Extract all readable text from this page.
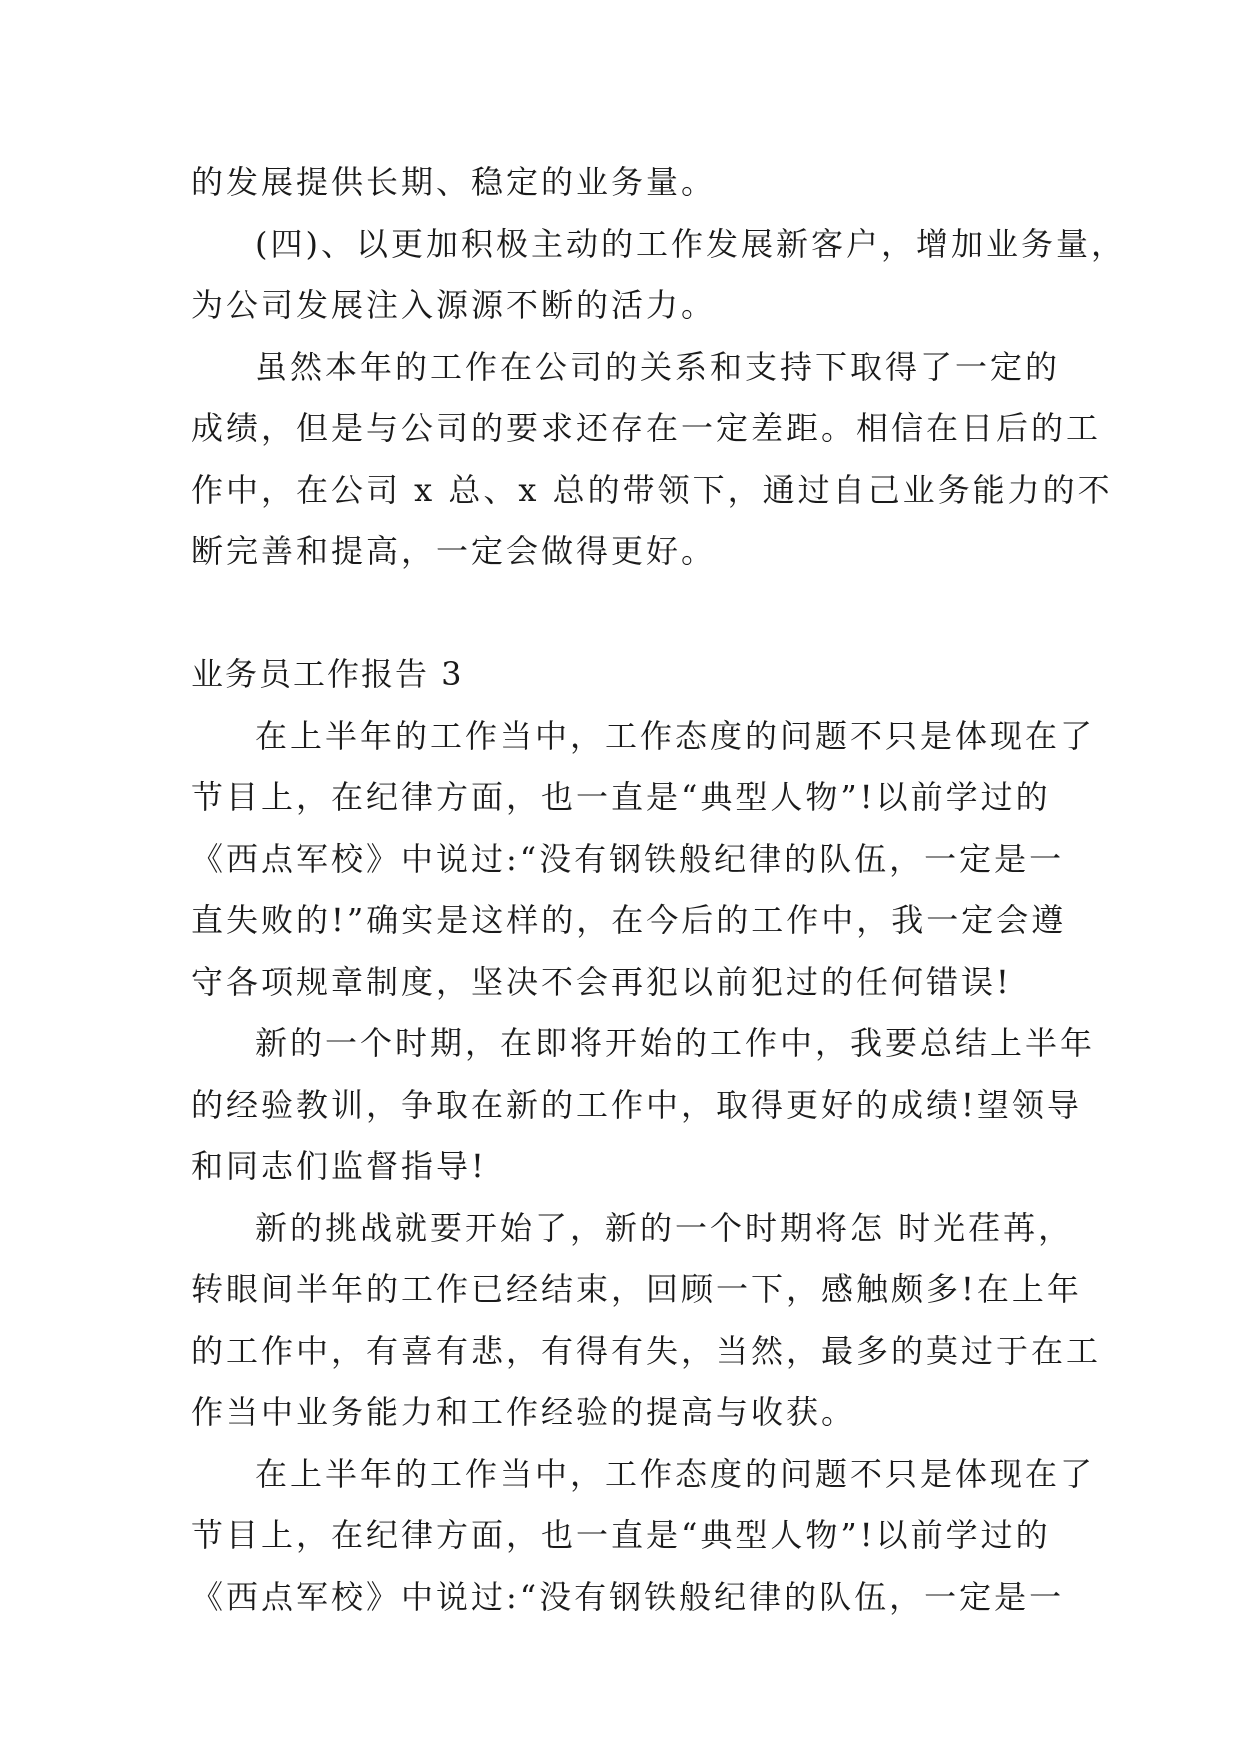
的发展提供长期、稳定的业务量。
(四)、以更加积极主动的工作发展新客户，增加业务量，
为公司发展注入源源不断的活力。
虽然本年的工作在公司的关系和支持下取得了一定的
成绩，但是与公司的要求还存在一定差距。相信在日后的工
作中，在公司 x 总、x 总的带领下，通过自己业务能力的不
断完善和提高，一定会做得更好。
业务员工作报告 3
在上半年的工作当中，工作态度的问题不只是体现在了
节目上，在纪律方面，也一直是“典型人物”!以前学过的
《西点军校》中说过:“没有钢铁般纪律的队伍，一定是一
直失败的!”确实是这样的，在今后的工作中，我一定会遵
守各项规章制度，坚决不会再犯以前犯过的任何错误!
新的一个时期，在即将开始的工作中，我要总结上半年
的经验教训，争取在新的工作中，取得更好的成绩!望领导
和同志们监督指导!
新的挑战就要开始了，新的一个时期将怎 时光荏苒，
转眼间半年的工作已经结束，回顾一下，感触颇多!在上年
的工作中，有喜有悲，有得有失，当然，最多的莫过于在工
作当中业务能力和工作经验的提高与收获。
在上半年的工作当中，工作态度的问题不只是体现在了
节目上，在纪律方面，也一直是“典型人物”!以前学过的
《西点军校》中说过:“没有钢铁般纪律的队伍，一定是一
